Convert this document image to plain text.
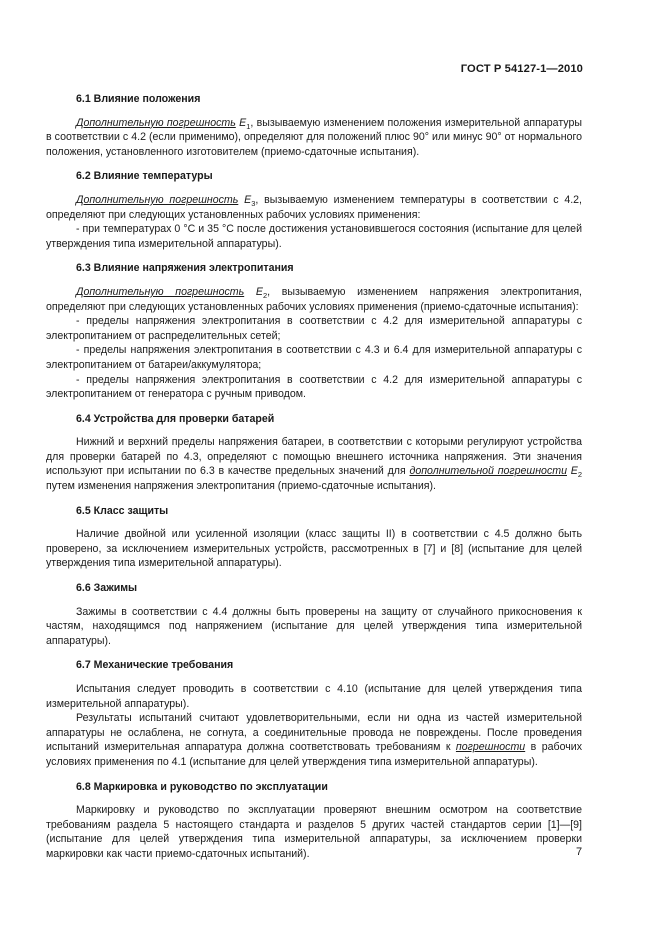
ГОСТ Р 54127-1—2010
6.1 Влияние положения
Дополнительную погрешность $E_1$, вызываемую изменением положения измерительной аппаратуры в соответствии с 4.2 (если применимо), определяют для положений плюс 90° или минус 90° от нормального положения, установленного изготовителем (приемо-сдаточные испытания).
6.2 Влияние температуры
Дополнительную погрешность $E_3$, вызываемую изменением температуры в соответствии с 4.2, определяют при следующих установленных рабочих условиях применения:
- при температурах 0 °С и 35 °С после достижения установившегося состояния (испытание для целей утверждения типа измерительной аппаратуры).
6.3 Влияние напряжения электропитания
Дополнительную погрешность $E_2$, вызываемую изменением напряжения электропитания, определяют при следующих установленных рабочих условиях применения (приемо-сдаточные испытания):
- пределы напряжения электропитания в соответствии с 4.2 для измерительной аппаратуры с электропитанием от распределительных сетей;
- пределы напряжения электропитания в соответствии с 4.3 и 6.4 для измерительной аппаратуры с электропитанием от батареи/аккумулятора;
- пределы напряжения электропитания в соответствии с 4.2 для измерительной аппаратуры с электропитанием от генератора с ручным приводом.
6.4 Устройства для проверки батарей
Нижний и верхний пределы напряжения батареи, в соответствии с которыми регулируют устройства для проверки батарей по 4.3, определяют с помощью внешнего источника напряжения. Эти значения используют при испытании по 6.3 в качестве предельных значений для дополнительной погрешности $E_2$ путем изменения напряжения электропитания (приемо-сдаточные испытания).
6.5 Класс защиты
Наличие двойной или усиленной изоляции (класс защиты II) в соответствии с 4.5 должно быть проверено, за исключением измерительных устройств, рассмотренных в [7] и [8] (испытание для целей утверждения типа измерительной аппаратуры).
6.6 Зажимы
Зажимы в соответствии с 4.4 должны быть проверены на защиту от случайного прикосновения к частям, находящимся под напряжением (испытание для целей утверждения типа измерительной аппаратуры).
6.7 Механические требования
Испытания следует проводить в соответствии с 4.10 (испытание для целей утверждения типа измерительной аппаратуры).
Результаты испытаний считают удовлетворительными, если ни одна из частей измерительной аппаратуры не ослаблена, не согнута, а соединительные провода не повреждены. После проведения испытаний измерительная аппаратура должна соответствовать требованиям к погрешности в рабочих условиях применения по 4.1 (испытание для целей утверждения типа измерительной аппаратуры).
6.8 Маркировка и руководство по эксплуатации
Маркировку и руководство по эксплуатации проверяют внешним осмотром на соответствие требованиям раздела 5 настоящего стандарта и разделов 5 других частей стандартов серии [1]—[9] (испытание для целей утверждения типа измерительной аппаратуры, за исключением проверки маркировки как части приемо-сдаточных испытаний).	7
